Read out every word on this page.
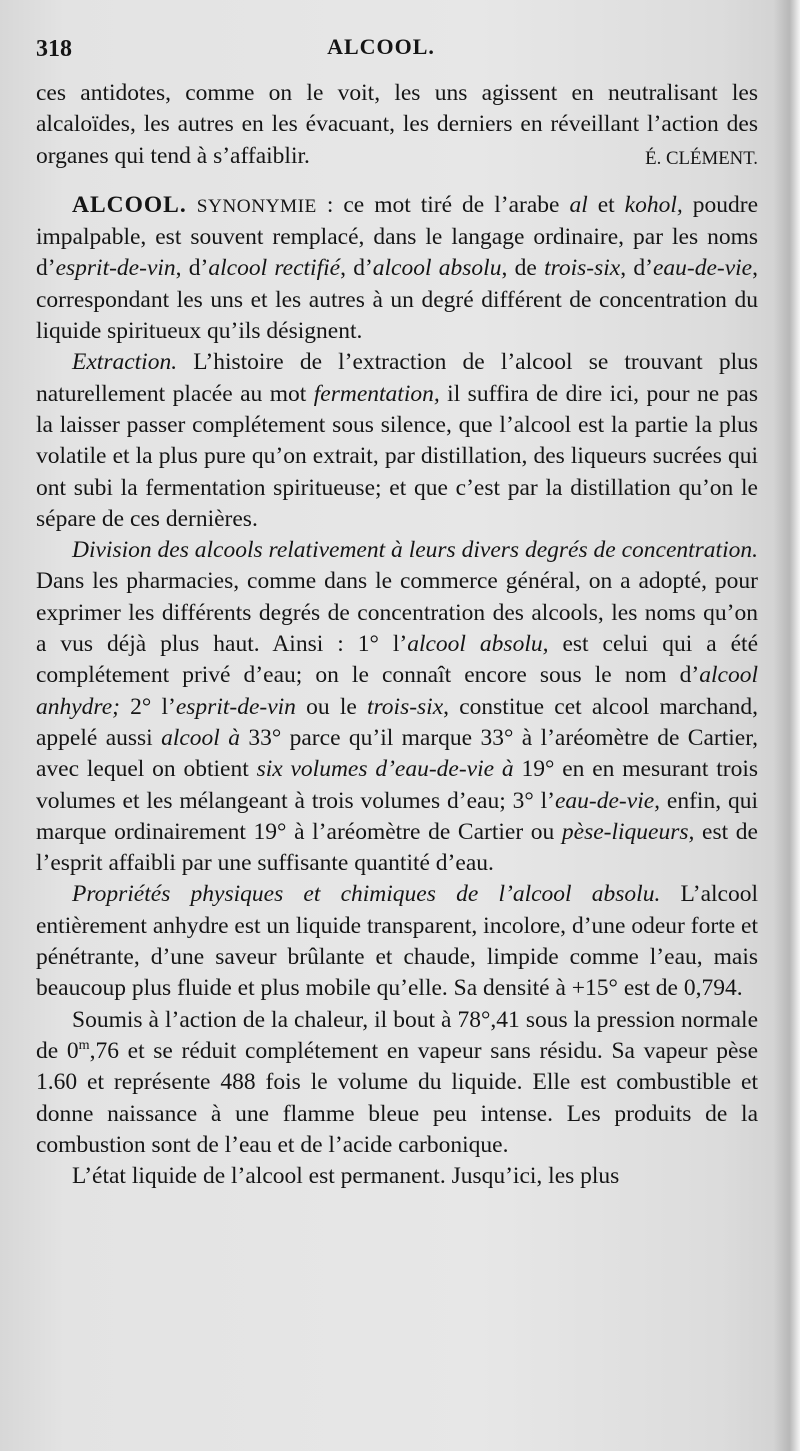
318	ALCOOL.

ces antidotes, comme on le voit, les uns agissent en neutralisant les alcaloïdes, les autres en les évacuant, les derniers en réveillant l’action des organes qui tend à s’affaiblir.	É. CLÉMENT.

ALCOOL. SYNONYMIE : ce mot tiré de l’arabe al et kohol, poudre impalpable, est souvent remplacé, dans le langage ordinaire, par les noms d’esprit-de-vin, d’alcool rectifié, d’alcool absolu, de trois-six, d’eau-de-vie, correspondant les uns et les autres à un degré différent de concentration du liquide spiritueux qu’ils désignent.

Extraction. L’histoire de l’extraction de l’alcool se trouvant plus naturellement placée au mot fermentation, il suffira de dire ici, pour ne pas la laisser passer complétement sous silence, que l’alcool est la partie la plus volatile et la plus pure qu’on extrait, par distillation, des liqueurs sucrées qui ont subi la fermentation spiritueuse; et que c’est par la distillation qu’on le sépare de ces dernières.

Division des alcools relativement à leurs divers degrés de concentration. Dans les pharmacies, comme dans le commerce général, on a adopté, pour exprimer les différents degrés de concentration des alcools, les noms qu’on a vus déjà plus haut. Ainsi : 1° l’alcool absolu, est celui qui a été complétement privé d’eau; on le connaît encore sous le nom d’alcool anhydre; 2° l’esprit-de-vin ou le trois-six, constitue cet alcool marchand, appelé aussi alcool à 33° parce qu’il marque 33° à l’aréomètre de Cartier, avec lequel on obtient six volumes d’eau-de-vie à 19° en en mesurant trois volumes et les mélangeant à trois volumes d’eau; 3° l’eau-de-vie, enfin, qui marque ordinairement 19° à l’aréomètre de Cartier ou pèse-liqueurs, est de l’esprit affaibli par une suffisante quantité d’eau.

Propriétés physiques et chimiques de l’alcool absolu. L’alcool entièrement anhydre est un liquide transparent, incolore, d’une odeur forte et pénétrante, d’une saveur brûlante et chaude, limpide comme l’eau, mais beaucoup plus fluide et plus mobile qu’elle. Sa densité à +15° est de 0,794.

Soumis à l’action de la chaleur, il bout à 78°,41 sous la pression normale de 0$^m$,76 et se réduit complétement en vapeur sans résidu. Sa vapeur pèse 1.60 et représente 488 fois le volume du liquide. Elle est combustible et donne naissance à une flamme bleue peu intense. Les produits de la combustion sont de l’eau et de l’acide carbonique.

L’état liquide de l’alcool est permanent. Jusqu’ici, les plus
